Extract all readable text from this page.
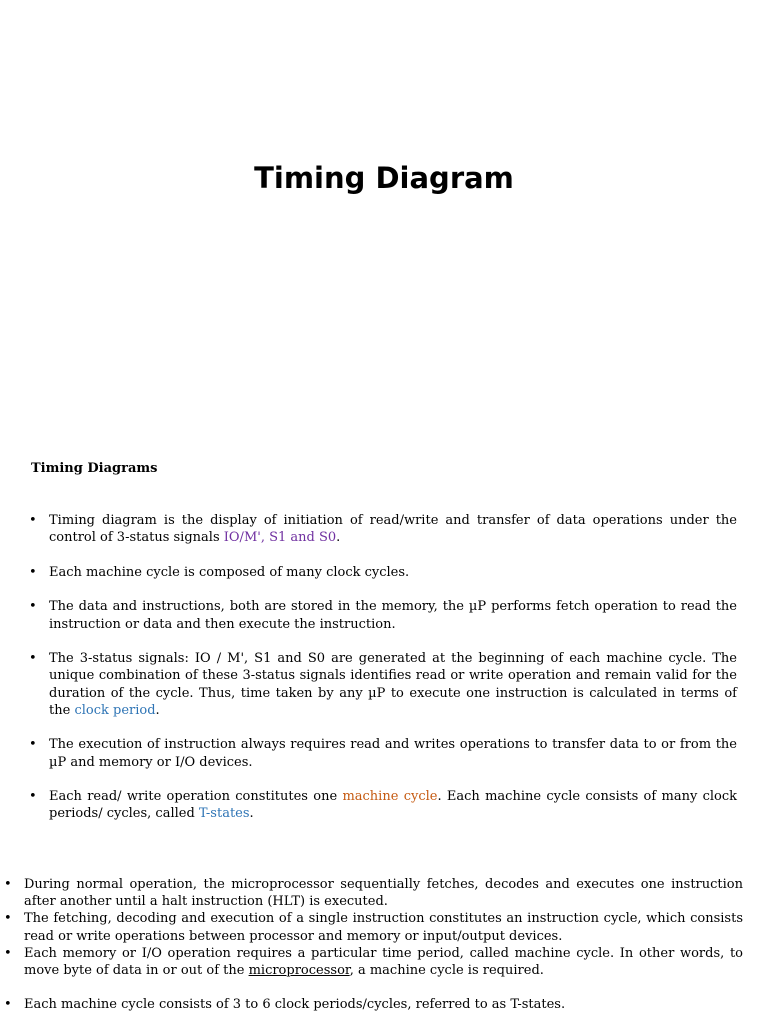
Timing Diagram

Timing Diagrams

• Timing diagram is the display of initiation of read/write and transfer of data operations under the control of 3-status signals IO/M', S1 and S0.
• Each machine cycle is composed of many clock cycles.
• The data and instructions, both are stored in the memory, the µP performs fetch operation to read the instruction or data and then execute the instruction.
• The 3-status signals: IO / M', S1 and S0 are generated at the beginning of each machine cycle. The unique combination of these 3-status signals identifies read or write operation and remain valid for the duration of the cycle. Thus, time taken by any µP to execute one instruction is calculated in terms of the clock period.
• The execution of instruction always requires read and writes operations to transfer data to or from the µP and memory or I/O devices.
• Each read/ write operation constitutes one machine cycle. Each machine cycle consists of many clock periods/ cycles, called T-states.
• During normal operation, the microprocessor sequentially fetches, decodes and executes one instruction after another until a halt instruction (HLT) is executed.
• The fetching, decoding and execution of a single instruction constitutes an instruction cycle, which consists read or write operations between processor and memory or input/output devices.
• Each memory or I/O operation requires a particular time period, called machine cycle. In other words, to move byte of data in or out of the microprocessor, a machine cycle is required.
• Each machine cycle consists of 3 to 6 clock periods/cycles, referred to as T-states.
